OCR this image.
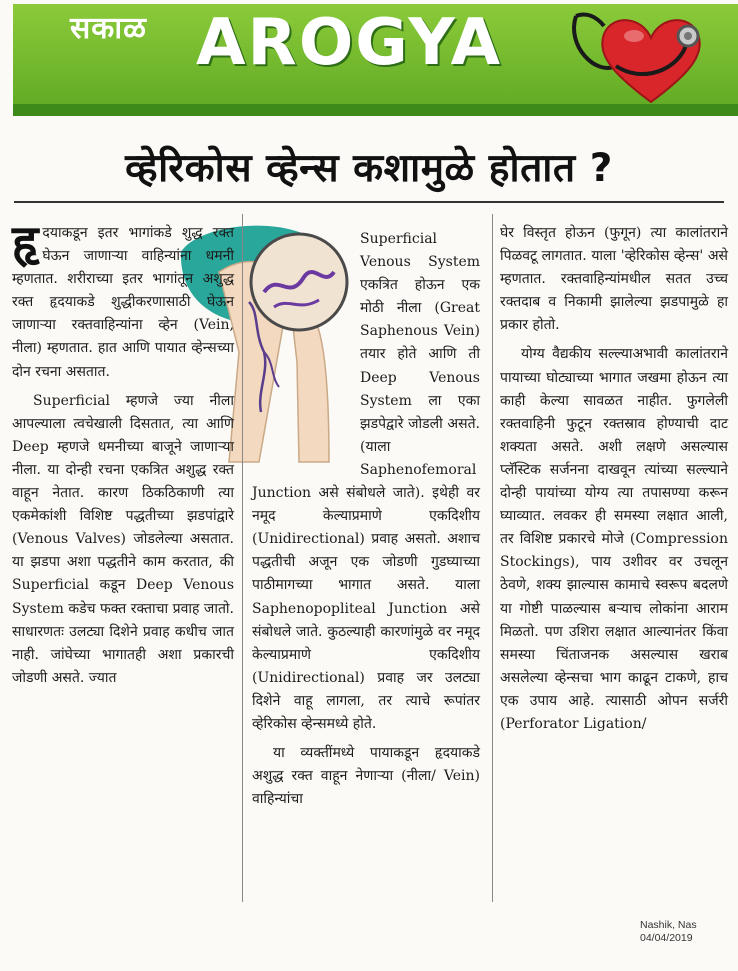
सकाळ AROGYA
व्हेरिकोस व्हेन्स कशामुळे होतात ?

हृदयाकडून इतर भागांकडे शुद्ध रक्त घेऊन जाणाऱ्या वाहिन्यांना धमनी म्हणतात. शरीराच्या इतर भागांतून अशुद्ध रक्त हृदयाकडे शुद्धीकरणासाठी घेऊन जाणाऱ्या रक्तवाहिन्यांना व्हेन (Vein, नीला) म्हणतात. हात आणि पायात व्हेन्सच्या दोन रचना असतात.

Superficial म्हणजे ज्या नीला आपल्याला त्वचेखाली दिसतात, त्या आणि Deep म्हणजे धमनीच्या बाजूने जाणाऱ्या नीला. या दोन्ही रचना एकत्रित अशुद्ध रक्त वाहून नेतात. कारण ठिकठिकाणी त्या एकमेकांशी विशिष्ट पद्धतीच्या झडपांद्वारे (Venous Valves) जोडलेल्या असतात. या झडपा अशा पद्धतीने काम करतात, की Superficial कडून Deep Venous System कडेच फक्त रक्ताचा प्रवाह जातो. साधारणतः उलट्या दिशेने प्रवाह कधीच जात नाही. जांघेच्या भागातही अशा प्रकारची जोडणी असते. ज्यात

Superficial Venous System एकत्रित होऊन एक मोठी नीला (Great Saphenous Vein) तयार होते आणि ती Deep Venous System ला एका झडपेद्वारे जोडली असते. (याला Saphenofemoral Junction असे संबोधले जाते). इथेही वर नमूद केल्याप्रमाणे एकदिशीय (Unidirectional) प्रवाह असतो. अशाच पद्धतीची अजून एक जोडणी गुडघ्याच्या पाठीमागच्या भागात असते. याला Saphenopopliteal Junction असे संबोधले जाते. कुठल्याही कारणांमुळे वर नमूद केल्याप्रमाणे एकदिशीय (Unidirectional) प्रवाह जर उलट्या दिशेने वाहू लागला, तर त्याचे रूपांतर व्हेरिकोस व्हेन्समध्ये होते.

या व्यक्तींमध्ये पायाकडून हृदयाकडे अशुद्ध रक्त वाहून नेणाऱ्या (नीला/ Vein) वाहिन्यांचा

घेर विस्तृत होऊन (फुगून) त्या कालांतराने पिळवटू लागतात. याला 'व्हेरिकोस व्हेन्स' असे म्हणतात. रक्तवाहिन्यांमधील सतत उच्च रक्तदाब व निकामी झालेल्या झडपामुळे हा प्रकार होतो.

योग्य वैद्यकीय सल्ल्याअभावी कालांतराने पायाच्या घोट्याच्या भागात जखमा होऊन त्या काही केल्या सावळत नाहीत. फुगलेली रक्तवाहिनी फुटून रक्तस्राव होण्याची दाट शक्यता असते. अशी लक्षणे असल्यास प्लॅस्टिक सर्जनना दाखवून त्यांच्या सल्ल्याने दोन्ही पायांच्या योग्य त्या तपासण्या करून घ्याव्यात. लवकर ही समस्या लक्षात आली, तर विशिष्ट प्रकारचे मोजे (Compression Stockings), पाय उशीवर वर उचलून ठेवणे, शक्य झाल्यास कामाचे स्वरूप बदलणे या गोष्टी पाळल्यास बऱ्याच लोकांना आराम मिळतो. पण उशिरा लक्षात आल्यानंतर किंवा समस्या चिंताजनक असल्यास खराब असलेल्या व्हेन्सचा भाग काढून टाकणे, हाच एक उपाय आहे. त्यासाठी ओपन सर्जरी (Perforator Ligation/

Nashik, Nas
04/04/2019
